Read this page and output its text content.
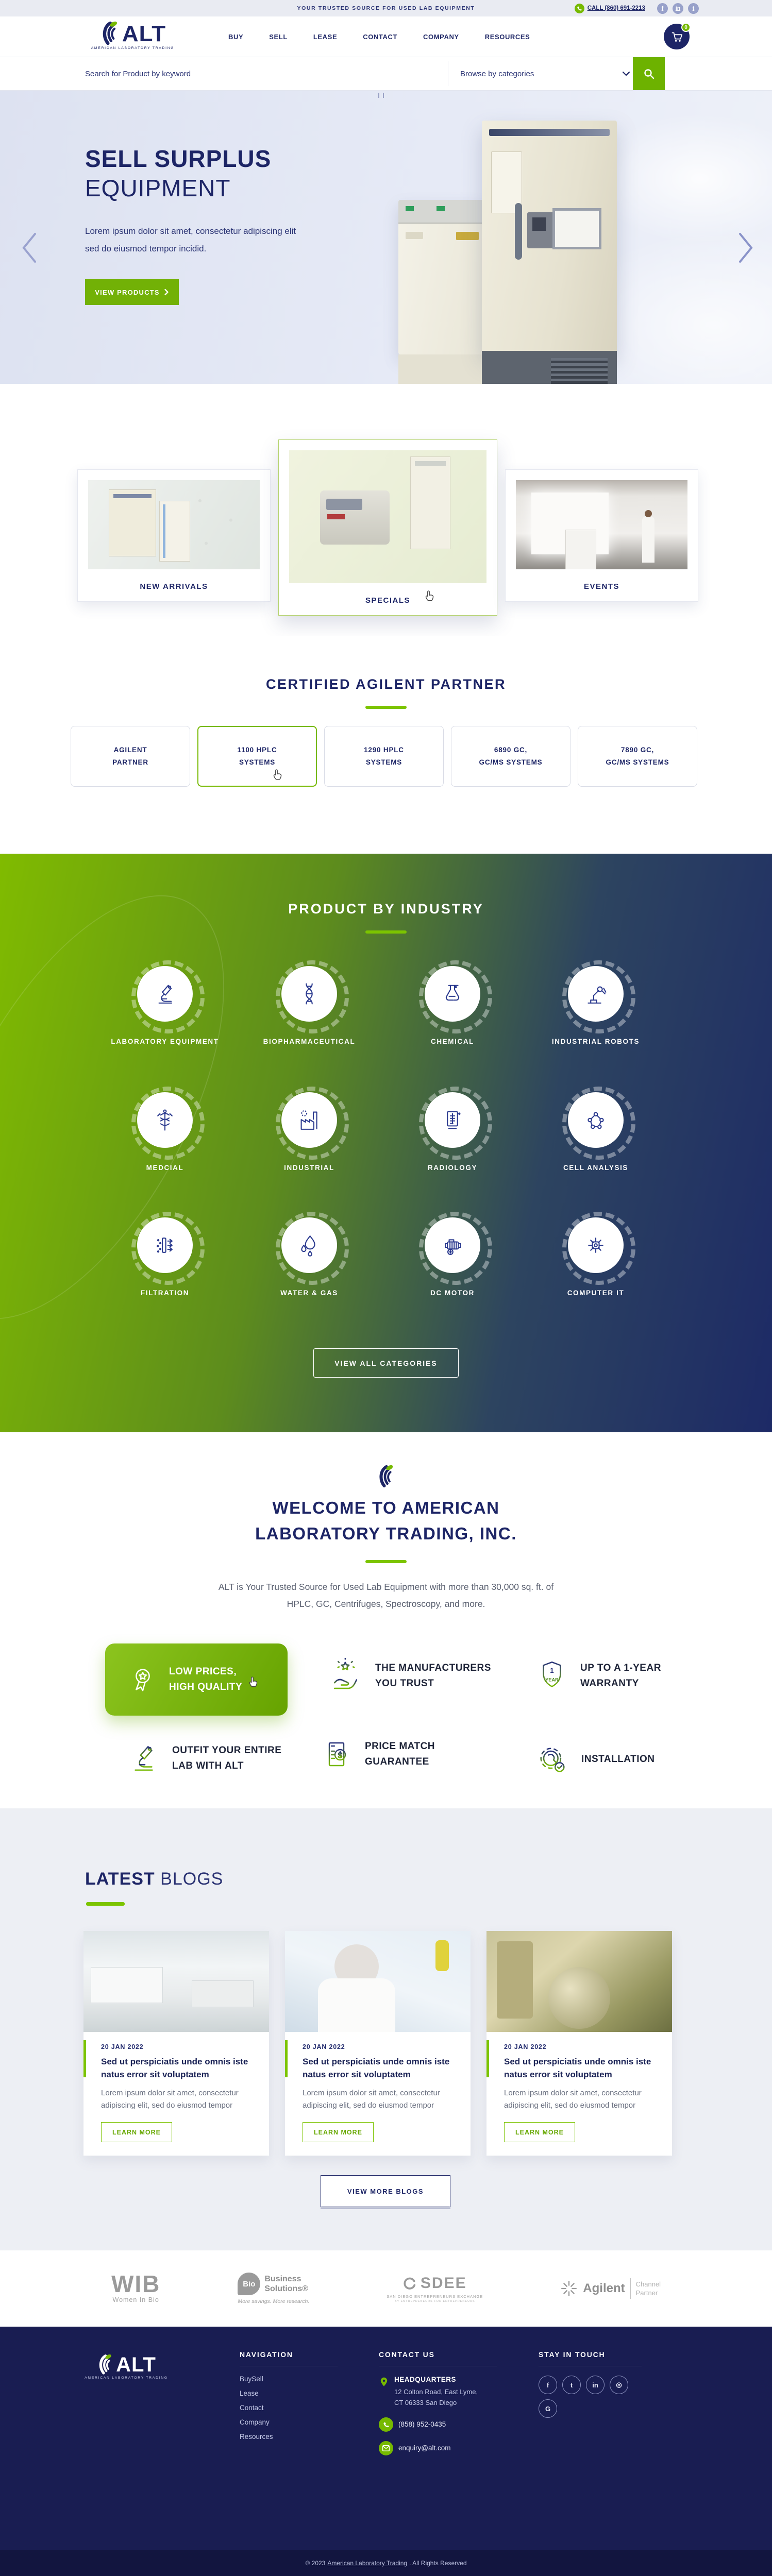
YOUR TRUSTED SOURCE FOR USED LAB EQUIPMENT	CALL (860) 691-2213	f	in	t
ALT
AMERICAN LABORATORY TRADING
BUY	SELL	LEASE	CONTACT	COMPANY	RESOURCES
0
Search for Product by keyword
Browse by categories
SELL SURPLUS
EQUIPMENT

Lorem ipsum dolor sit amet, consectetur adipiscing elit sed do eiusmod tempor incidid.

VIEW PRODUCTS
NEW ARRIVALS
SPECIALS
EVENTS
CERTIFIED AGILENT PARTNER
AGILENT
PARTNER
1100 HPLC
SYSTEMS
1290 HPLC
SYSTEMS
6890 GC,
GC/MS SYSTEMS
7890 GC,
GC/MS SYSTEMS
PRODUCT BY INDUSTRY
LABORATORY EQUIPMENT	BIOPHARMACEUTICAL	CHEMICAL	INDUSTRIAL ROBOTS
MEDCIAL	INDUSTRIAL	RADIOLOGY	CELL ANALYSIS
FILTRATION	WATER & GAS	DC MOTOR	COMPUTER IT
VIEW ALL CATEGORIES
WELCOME TO AMERICAN
LABORATORY TRADING, INC.

ALT is Your Trusted Source for Used Lab Equipment with more than 30,000 sq. ft. of
HPLC, GC, Centrifuges, Spectroscopy, and more.

LOW PRICES,
HIGH QUALITY
THE MANUFACTURERS
YOU TRUST
1
YEAR
UP TO A 1-YEAR
WARRANTY
OUTFIT YOUR ENTIRE
LAB WITH ALT
PRICE MATCH
GUARANTEE	INSTALLATION
LATEST BLOGS
20 JAN 2022
Sed ut perspiciatis unde omnis iste natus error sit voluptatem
Lorem ipsum dolor sit amet, consectetur adipiscing elit, sed do eiusmod tempor
LEARN MORE
20 JAN 2022
Sed ut perspiciatis unde omnis iste natus error sit voluptatem
Lorem ipsum dolor sit amet, consectetur adipiscing elit, sed do eiusmod tempor
LEARN MORE
20 JAN 2022
Sed ut perspiciatis unde omnis iste natus error sit voluptatem
Lorem ipsum dolor sit amet, consectetur adipiscing elit, sed do eiusmod tempor
LEARN MORE
VIEW MORE BLOGS
WIB
Women In Bio
Bio
Business
Solutions®
More savings. More research.
SDEE
SAN DIEGO ENTREPRENEURS EXCHANGE
BY ENTREPRENEURS FOR ENTREPRENEURS
Agilent Channel
Partner
ALT
AMERICAN LABORATORY TRADING
NAVIGATION
BuySell
Lease
Contact
Company
Resources
CONTACT US
HEADQUARTERS
12 Colton Road, East Lyme,
CT 06333 San Diego
(858) 952-0435
enquiry@alt.com
STAY IN TOUCH
f	t	in	◎
G
© 2023 American Laboratory Trading . All Rights Reserved
